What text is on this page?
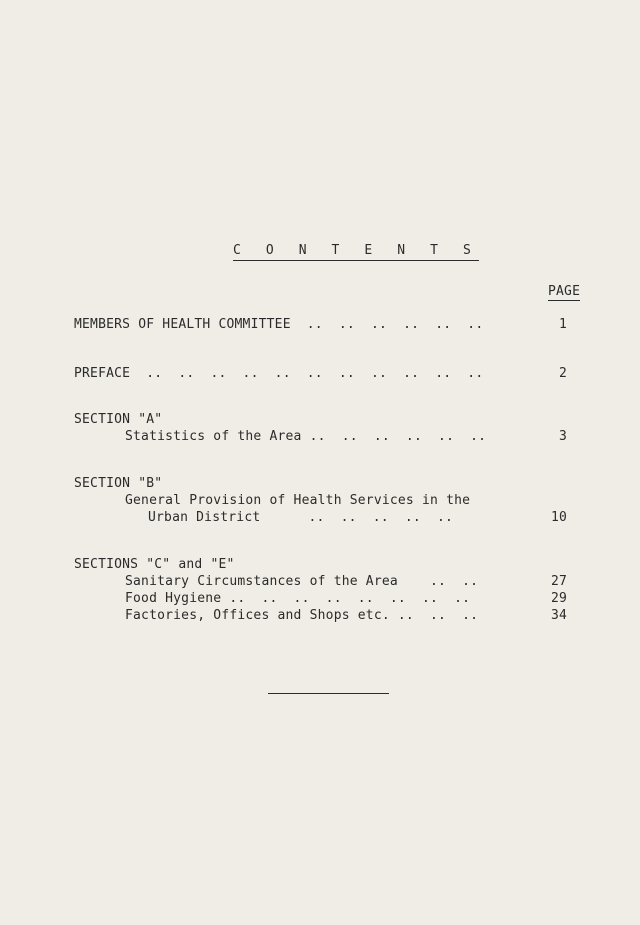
C O N T E N T S
PAGE
MEMBERS OF HEALTH COMMITTEE  ..  ..  ..  ..  ..  ..	1
PREFACE  ..  ..  ..  ..  ..  ..  ..  ..  ..  ..  ..	2
SECTION "A"
Statistics of the Area ..  ..  ..  ..  ..  ..	3
SECTION "B"
General Provision of Health Services in the
Urban District      ..  ..  ..  ..  ..	10
SECTIONS "C" and "E"
Sanitary Circumstances of the Area    ..  ..	27
Food Hygiene ..  ..  ..  ..  ..  ..  ..  ..	29
Factories, Offices and Shops etc. ..  ..  ..	34
